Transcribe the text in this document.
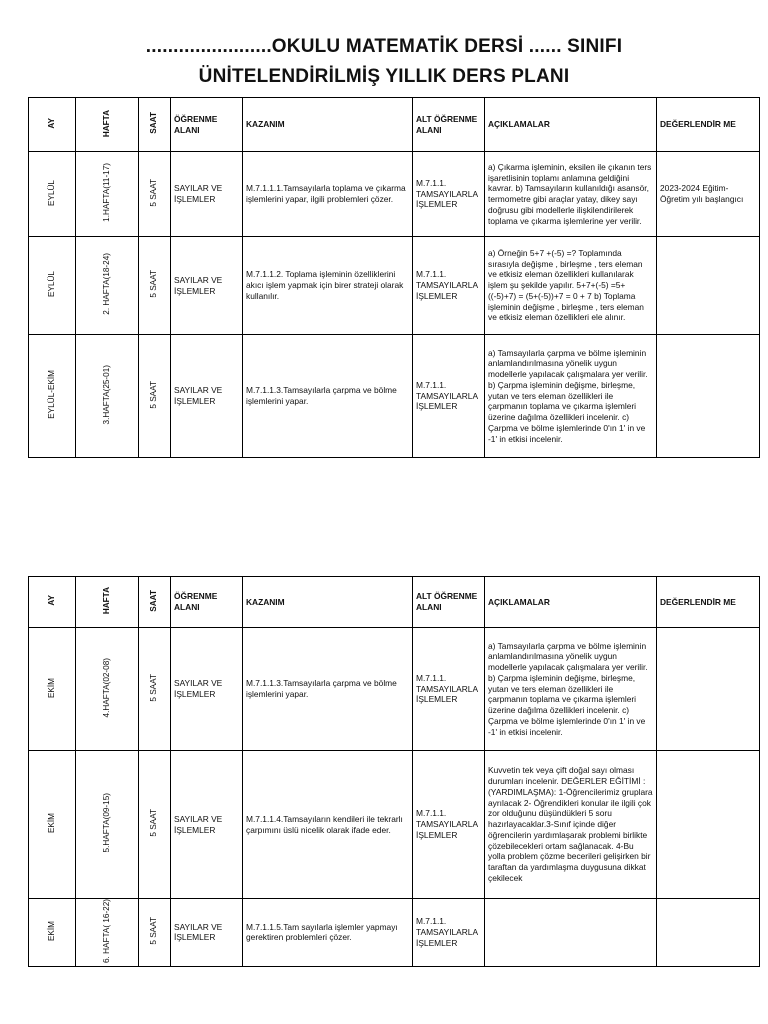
.......................OKULU MATEMATİK DERSİ ...... SINIFI
ÜNİTELENDİRİLMİŞ YILLIK DERS PLANI
AY	HAFTA	SAAT	ÖĞRENME ALANI	KAZANIM	ALT ÖĞRENME ALANI	AÇIKLAMALAR	DEĞERLENDİR ME
EYLÜL	1.HAFTA(11-17)	5 SAAT	SAYILAR VE İŞLEMLER	M.7.1.1.1.Tamsayılarla toplama ve çıkarma işlemlerini yapar, ilgili problemleri çözer.	M.7.1.1. TAMSAYILARLA İŞLEMLER	a) Çıkarma işleminin, eksilen ile çıkanın ters işaretlisinin toplamı anlamına geldiğini kavrar. b) Tamsayıların kullanıldığı asansör, termometre gibi araçlar yatay, dikey sayı doğrusu gibi modellerle ilişkilendirilerek toplama ve çıkarma işlemlerine yer verilir.	2023-2024 Eğitim-Öğretim yılı başlangıcı
EYLÜL	2. HAFTA(18-24)	5 SAAT	SAYILAR VE İŞLEMLER	M.7.1.1.2. Toplama işleminin özelliklerini akıcı işlem yapmak için birer strateji olarak kullanılır.	M.7.1.1. TAMSAYILARLA İŞLEMLER	a) Örneğin 5+7 +(-5) =? Toplamında sırasıyla değişme , birleşme , ters eleman ve etkisiz eleman özellikleri kullanılarak işlem şu şekilde yapılır. 5+7+(-5) =5+((-5)+7) = (5+(-5))+7 = 0 + 7 b) Toplama işleminin değişme , birleşme , ters eleman ve etkisiz eleman özellikleri ele alınır.	
EYLÜL-EKİM	3.HAFTA(25-01)	5 SAAT	SAYILAR VE İŞLEMLER	M.7.1.1.3.Tamsayılarla çarpma ve bölme işlemlerini yapar.	M.7.1.1. TAMSAYILARLA İŞLEMLER	a) Tamsayılarla çarpma ve bölme işleminin anlamlandırılmasına yönelik uygun modellerle yapılacak çalışmalara yer verilir. b) Çarpma işleminin değişme, birleşme, yutan ve ters eleman özellikleri ile çarpmanın toplama ve çıkarma işlemleri üzerine dağılma özellikleri incelenir. c) Çarpma ve bölme işlemlerinde 0'ın 1' in ve -1' in etkisi incelenir.	
AY	HAFTA	SAAT	ÖĞRENME ALANI	KAZANIM	ALT ÖĞRENME ALANI	AÇIKLAMALAR	DEĞERLENDİR ME
EKİM	4.HAFTA(02-08)	5 SAAT	SAYILAR VE İŞLEMLER	M.7.1.1.3.Tamsayılarla çarpma ve bölme işlemlerini yapar.	M.7.1.1. TAMSAYILARLA İŞLEMLER	a) Tamsayılarla çarpma ve bölme işleminin anlamlandırılmasına yönelik uygun modellerle yapılacak çalışmalara yer verilir. b) Çarpma işleminin değişme, birleşme, yutan ve ters eleman özellikleri ile çarpmanın toplama ve çıkarma işlemleri üzerine dağılma özellikleri incelenir. c) Çarpma ve bölme işlemlerinde 0'ın 1' in ve -1' in etkisi incelenir.	
EKİM	5.HAFTA(09-15)	5 SAAT	SAYILAR VE İŞLEMLER	M.7.1.1.4.Tamsayıların kendileri ile tekrarlı çarpımını üslü nicelik olarak ifade eder.	M.7.1.1. TAMSAYILARLA İŞLEMLER	Kuvvetin tek veya çift doğal sayı olması durumları incelenir. DEĞERLER EĞİTİMİ : (YARDIMLAŞMA): 1-Öğrencilerimiz gruplara ayrılacak 2- Öğrendikleri konular ile ilgili çok zor olduğunu düşündükleri 5 soru hazırlayacaklar.3-Sınıf içinde diğer öğrencilerin yardımlaşarak problemi birlikte çözebilecekleri ortam sağlanacak. 4-Bu yolla problem çözme becerileri gelişirken bir taraftan da yardımlaşma duygusuna dikkat çekilecek	
EKİM	6. HAFTA( 16-22)	5 SAAT	SAYILAR VE İŞLEMLER	M.7.1.1.5.Tam sayılarla işlemler yapmayı gerektiren problemleri çözer.	M.7.1.1. TAMSAYILARLA İŞLEMLER		
